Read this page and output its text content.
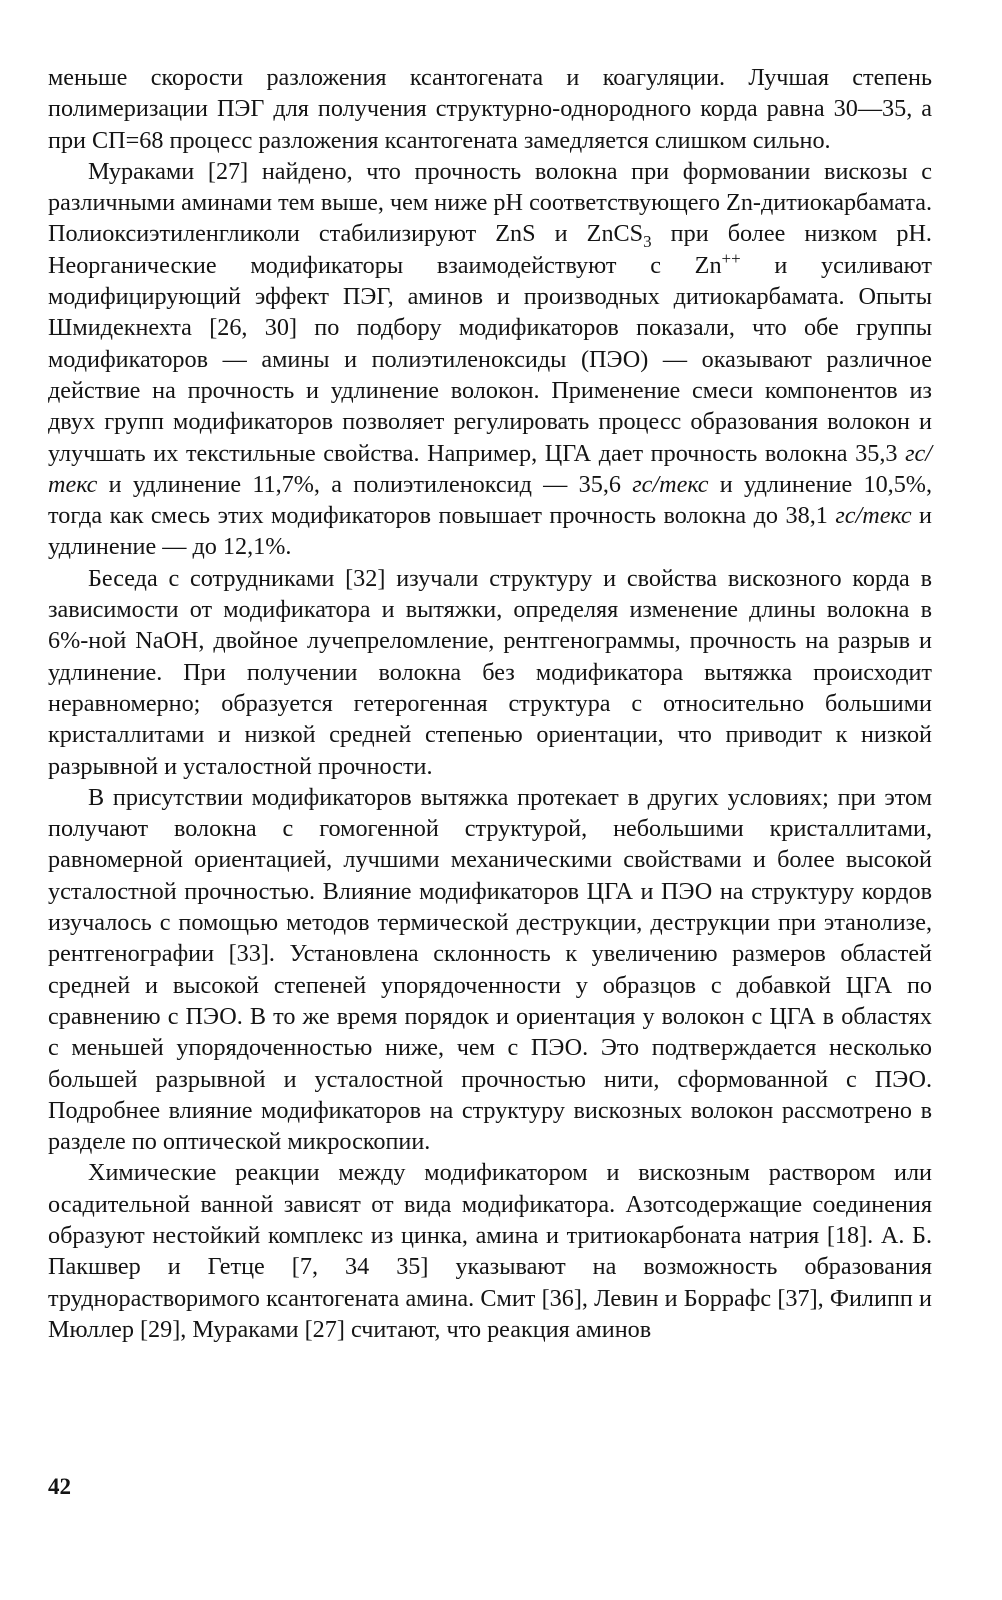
меньше скорости разложения ксантогената и коагуляции. Лучшая степень полимеризации ПЭГ для получения структурно-однородного корда равна 30—35, а при СП=68 процесс разложения ксантогената замедляется слишком сильно.

Мураками [27] найдено, что прочность волокна при формовании вискозы с различными аминами тем выше, чем ниже pH соответствующего Zn-дитиокарбамата. Полиоксиэтиленгликоли стабилизируют ZnS и ZnCS$_3$ при более низком pH. Неорганические модификаторы взаимодействуют с Zn++ и усиливают модифицирующий эффект ПЭГ, аминов и производных дитиокарбамата. Опыты Шмидекнехта [26, 30] по подбору модификаторов показали, что обе группы модификаторов — амины и полиэтиленоксиды (ПЭО) — оказывают различное действие на прочность и удлинение волокон. Применение смеси компонентов из двух групп модификаторов позволяет регулировать процесс образования волокон и улучшать их текстильные свойства. Например, ЦГА дает прочность волокна 35,3 гс/текс и удлинение 11,7%, а полиэтиленоксид — 35,6 гс/текс и удлинение 10,5%, тогда как смесь этих модификаторов повышает прочность волокна до 38,1 гс/текс и удлинение — до 12,1%.

Беседа с сотрудниками [32] изучали структуру и свойства вискозного корда в зависимости от модификатора и вытяжки, определяя изменение длины волокна в 6%-ной NaOH, двойное лучепреломление, рентгенограммы, прочность на разрыв и удлинение. При получении волокна без модификатора вытяжка происходит неравномерно; образуется гетерогенная структура с относительно большими кристаллитами и низкой средней степенью ориентации, что приводит к низкой разрывной и усталостной прочности.

В присутствии модификаторов вытяжка протекает в других условиях; при этом получают волокна с гомогенной структурой, небольшими кристаллитами, равномерной ориентацией, лучшими механическими свойствами и более высокой усталостной прочностью. Влияние модификаторов ЦГА и ПЭО на структуру кордов изучалось с помощью методов термической деструкции, деструкции при этанолизе, рентгенографии [33]. Установлена склонность к увеличению размеров областей средней и высокой степеней упорядоченности у образцов с добавкой ЦГА по сравнению с ПЭО. В то же время порядок и ориентация у волокон с ЦГА в областях с меньшей упорядоченностью ниже, чем с ПЭО. Это подтверждается несколько большей разрывной и усталостной прочностью нити, сформованной с ПЭО. Подробнее влияние модификаторов на структуру вискозных волокон рассмотрено в разделе по оптической микроскопии.

Химические реакции между модификатором и вискозным раствором или осадительной ванной зависят от вида модификатора. Азотсодержащие соединения образуют нестойкий комплекс из цинка, амина и тритиокарбоната натрия [18]. А. Б. Пакшвер и Гетце [7, 34 35] указывают на возможность образования труднорастворимого ксантогената амина. Смит [36], Левин и Боррафс [37], Филипп и Мюллер [29], Мураками [27] считают, что реакция аминов

42
